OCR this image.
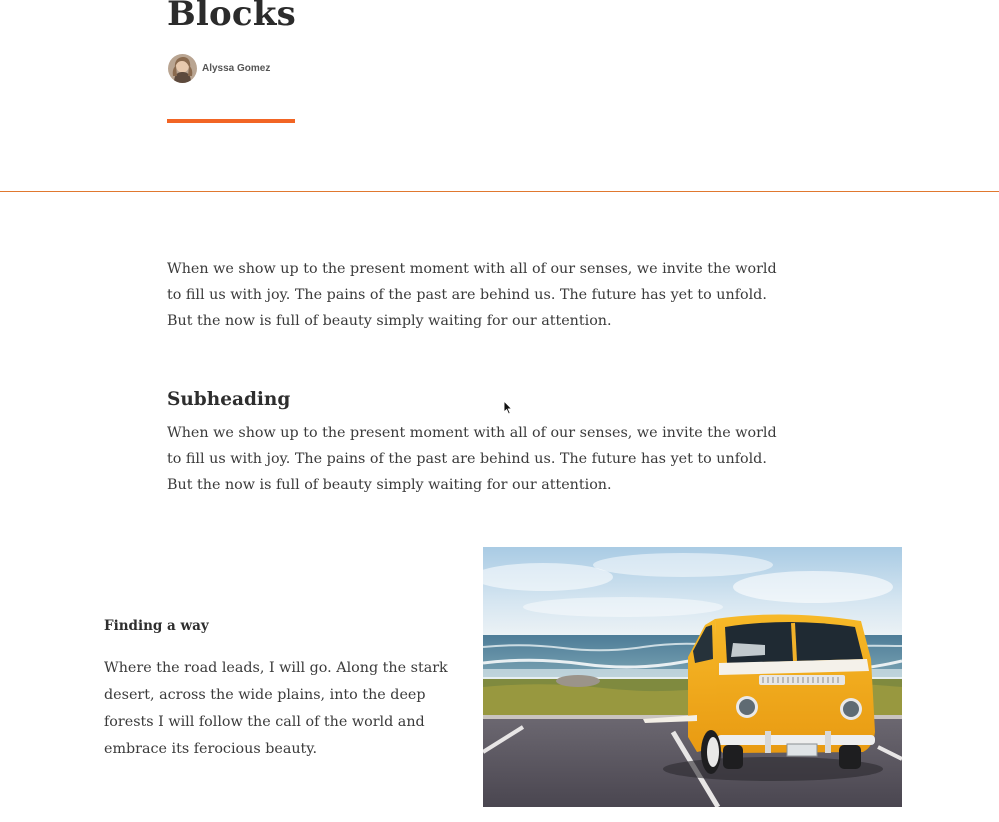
Blocks
Alyssa Gomez

When we show up to the present moment with all of our senses, we invite the world to fill us with joy. The pains of the past are behind us. The future has yet to unfold. But the now is full of beauty simply waiting for our attention.

Subheading

When we show up to the present moment with all of our senses, we invite the world to fill us with joy. The pains of the past are behind us. The future has yet to unfold. But the now is full of beauty simply waiting for our attention.

Finding a way

Where the road leads, I will go. Along the stark desert, across the wide plains, into the deep forests I will follow the call of the world and embrace its ferocious beauty.
